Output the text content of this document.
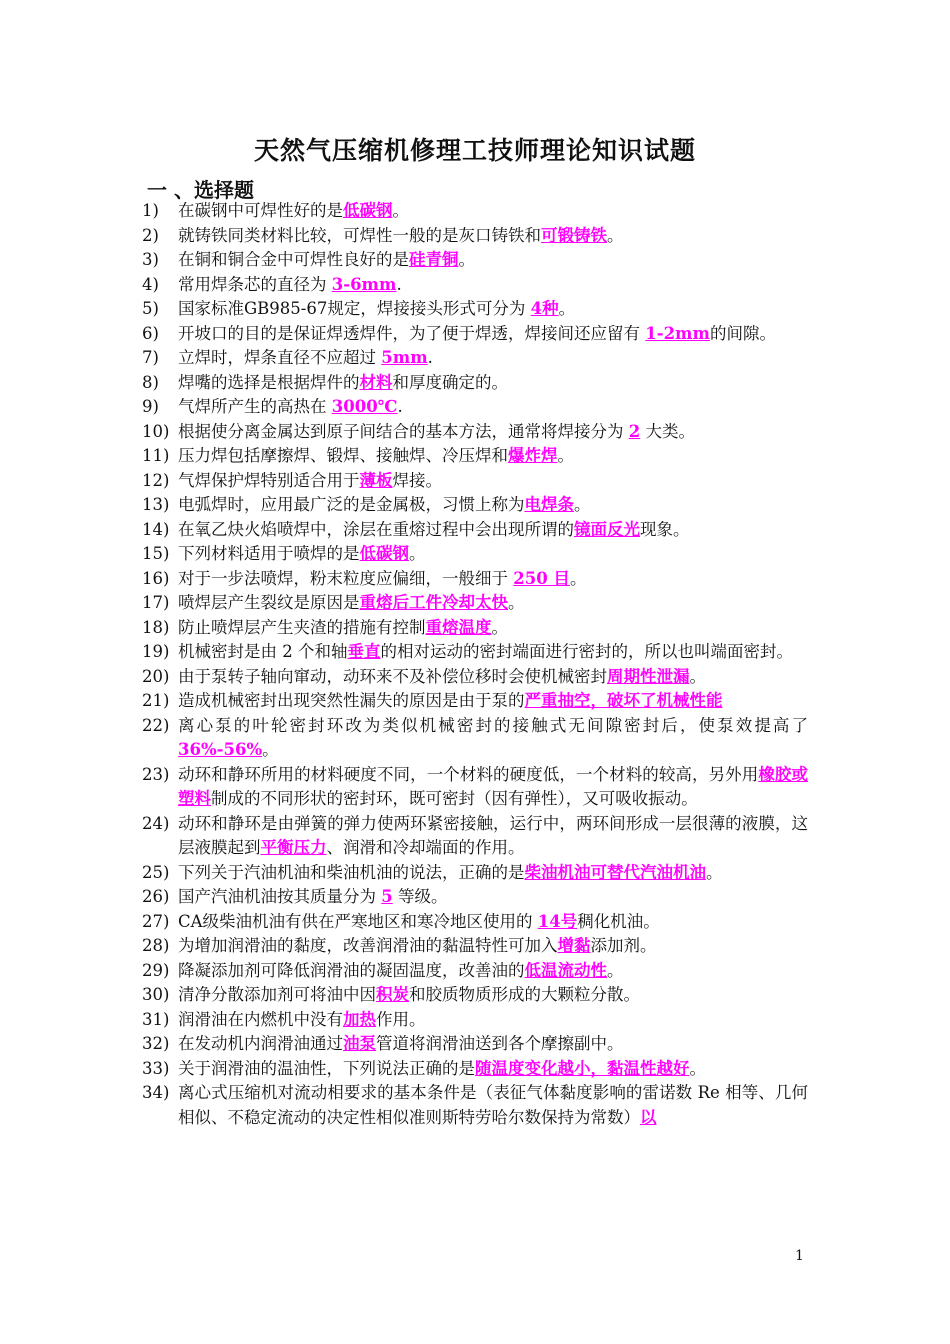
天然气压缩机修理工技师理论知识试题
一 、选择题
1)	在碳钢中可焊性好的是低碳钢。
2)	就铸铁同类材料比较，可焊性一般的是灰口铸铁和可锻铸铁。
3)	在铜和铜合金中可焊性良好的是硅青铜。
4)	常用焊条芯的直径为 3-6mm.
5)	国家标准GB985-67规定，焊接接头形式可分为 4种。
6)	开坡口的目的是保证焊透焊件，为了便于焊透，焊接间还应留有 1-2mm的间隙。
7)	立焊时，焊条直径不应超过 5mm.
8)	焊嘴的选择是根据焊件的材料和厚度确定的。
9)	气焊所产生的高热在 3000℃.
10) 根据使分离金属达到原子间结合的基本方法，通常将焊接分为 2 大类。
11) 压力焊包括摩擦焊、锻焊、接触焊、冷压焊和爆炸焊。
12) 气焊保护焊特别适合用于薄板焊接。
13) 电弧焊时，应用最广泛的是金属极，习惯上称为电焊条。
14) 在氧乙炔火焰喷焊中，涂层在重熔过程中会出现所谓的镜面反光现象。
15) 下列材料适用于喷焊的是低碳钢。
16) 对于一步法喷焊，粉末粒度应偏细，一般细于 250 目。
17) 喷焊层产生裂纹是原因是重熔后工件冷却太快。
18) 防止喷焊层产生夹渣的措施有控制重熔温度。
19) 机械密封是由 2 个和轴垂直的相对运动的密封端面进行密封的，所以也叫端面密封。
20) 由于泵转子轴向窜动，动环来不及补偿位移时会使机械密封周期性泄漏。
21) 造成机械密封出现突然性漏失的原因是由于泵的严重抽空，破坏了机械性能
22) 离心泵的叶轮密封环改为类似机械密封的接触式无间隙密封后，使泵效提高了 36%-56%。
23) 动环和静环所用的材料硬度不同，一个材料的硬度低，一个材料的较高，另外用橡胶或塑料制成的不同形状的密封环，既可密封（因有弹性），又可吸收振动。
24) 动环和静环是由弹簧的弹力使两环紧密接触，运行中，两环间形成一层很薄的液膜，这层液膜起到平衡压力、润滑和冷却端面的作用。
25) 下列关于汽油机油和柴油机油的说法，正确的是柴油机油可替代汽油机油。
26) 国产汽油机油按其质量分为 5 等级。
27) CA级柴油机油有供在严寒地区和寒冷地区使用的 14号稠化机油。
28) 为增加润滑油的黏度，改善润滑油的黏温特性可加入增黏添加剂。
29) 降凝添加剂可降低润滑油的凝固温度，改善油的低温流动性。
30) 清净分散添加剂可将油中因积炭和胶质物质形成的大颗粒分散。
31) 润滑油在内燃机中没有加热作用。
32) 在发动机内润滑油通过油泵管道将润滑油送到各个摩擦副中。
33) 关于润滑油的温油性，下列说法正确的是随温度变化越小，黏温性越好。
34) 离心式压缩机对流动相要求的基本条件是（表征气体黏度影响的雷诺数 Re 相等、几何相似、不稳定流动的决定性相似准则斯特劳哈尔数保持为常数）以
1
